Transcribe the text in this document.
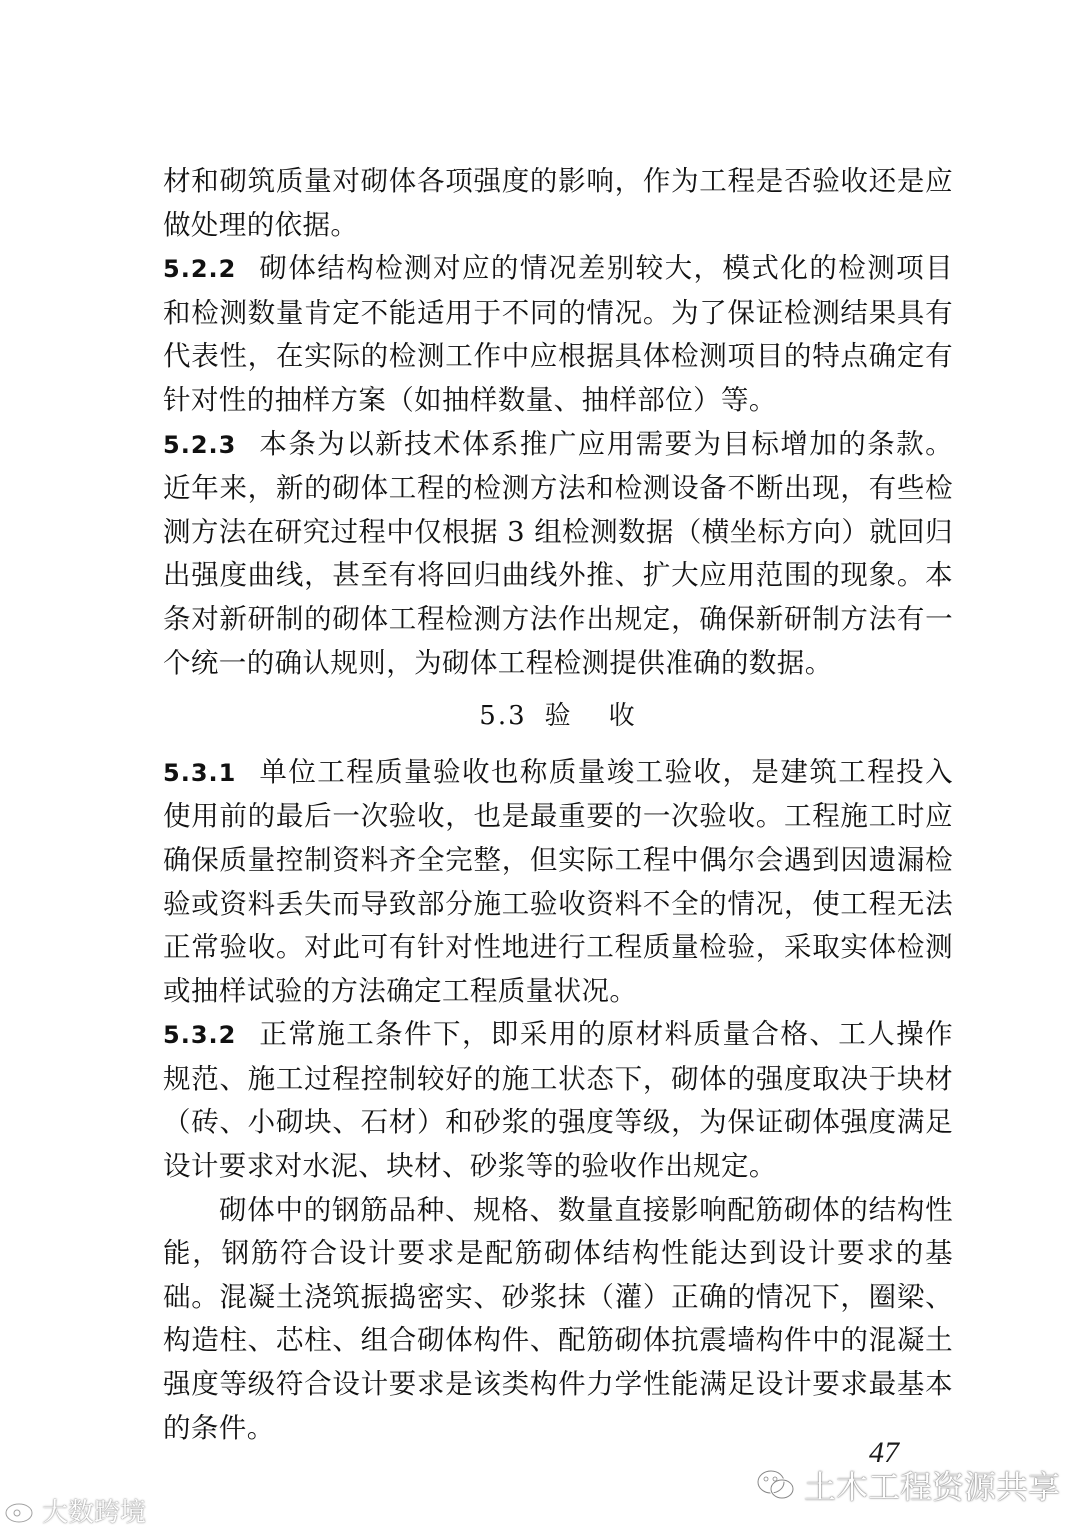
材和砌筑质量对砌体各项强度的影响，作为工程是否验收还是应做处理的依据。

5.2.2 砌体结构检测对应的情况差别较大，模式化的检测项目和检测数量肯定不能适用于不同的情况。为了保证检测结果具有代表性，在实际的检测工作中应根据具体检测项目的特点确定有针对性的抽样方案（如抽样数量、抽样部位）等。

5.2.3 本条为以新技术体系推广应用需要为目标增加的条款。近年来，新的砌体工程的检测方法和检测设备不断出现，有些检测方法在研究过程中仅根据 3 组检测数据（横坐标方向）就回归出强度曲线，甚至有将回归曲线外推、扩大应用范围的现象。本条对新研制的砌体工程检测方法作出规定，确保新研制方法有一个统一的确认规则，为砌体工程检测提供准确的数据。

5.3 验 收

5.3.1 单位工程质量验收也称质量竣工验收，是建筑工程投入使用前的最后一次验收，也是最重要的一次验收。工程施工时应确保质量控制资料齐全完整，但实际工程中偶尔会遇到因遗漏检验或资料丢失而导致部分施工验收资料不全的情况，使工程无法正常验收。对此可有针对性地进行工程质量检验，采取实体检测或抽样试验的方法确定工程质量状况。

5.3.2 正常施工条件下，即采用的原材料质量合格、工人操作规范、施工过程控制较好的施工状态下，砌体的强度取决于块材（砖、小砌块、石材）和砂浆的强度等级，为保证砌体强度满足设计要求对水泥、块材、砂浆等的验收作出规定。

砌体中的钢筋品种、规格、数量直接影响配筋砌体的结构性能，钢筋符合设计要求是配筋砌体结构性能达到设计要求的基础。混凝土浇筑振捣密实、砂浆抹（灌）正确的情况下，圈梁、构造柱、芯柱、组合砌体构件、配筋砌体抗震墙构件中的混凝土强度等级符合设计要求是该类构件力学性能满足设计要求最基本的条件。

47
大数跨境
土木工程资源共享
